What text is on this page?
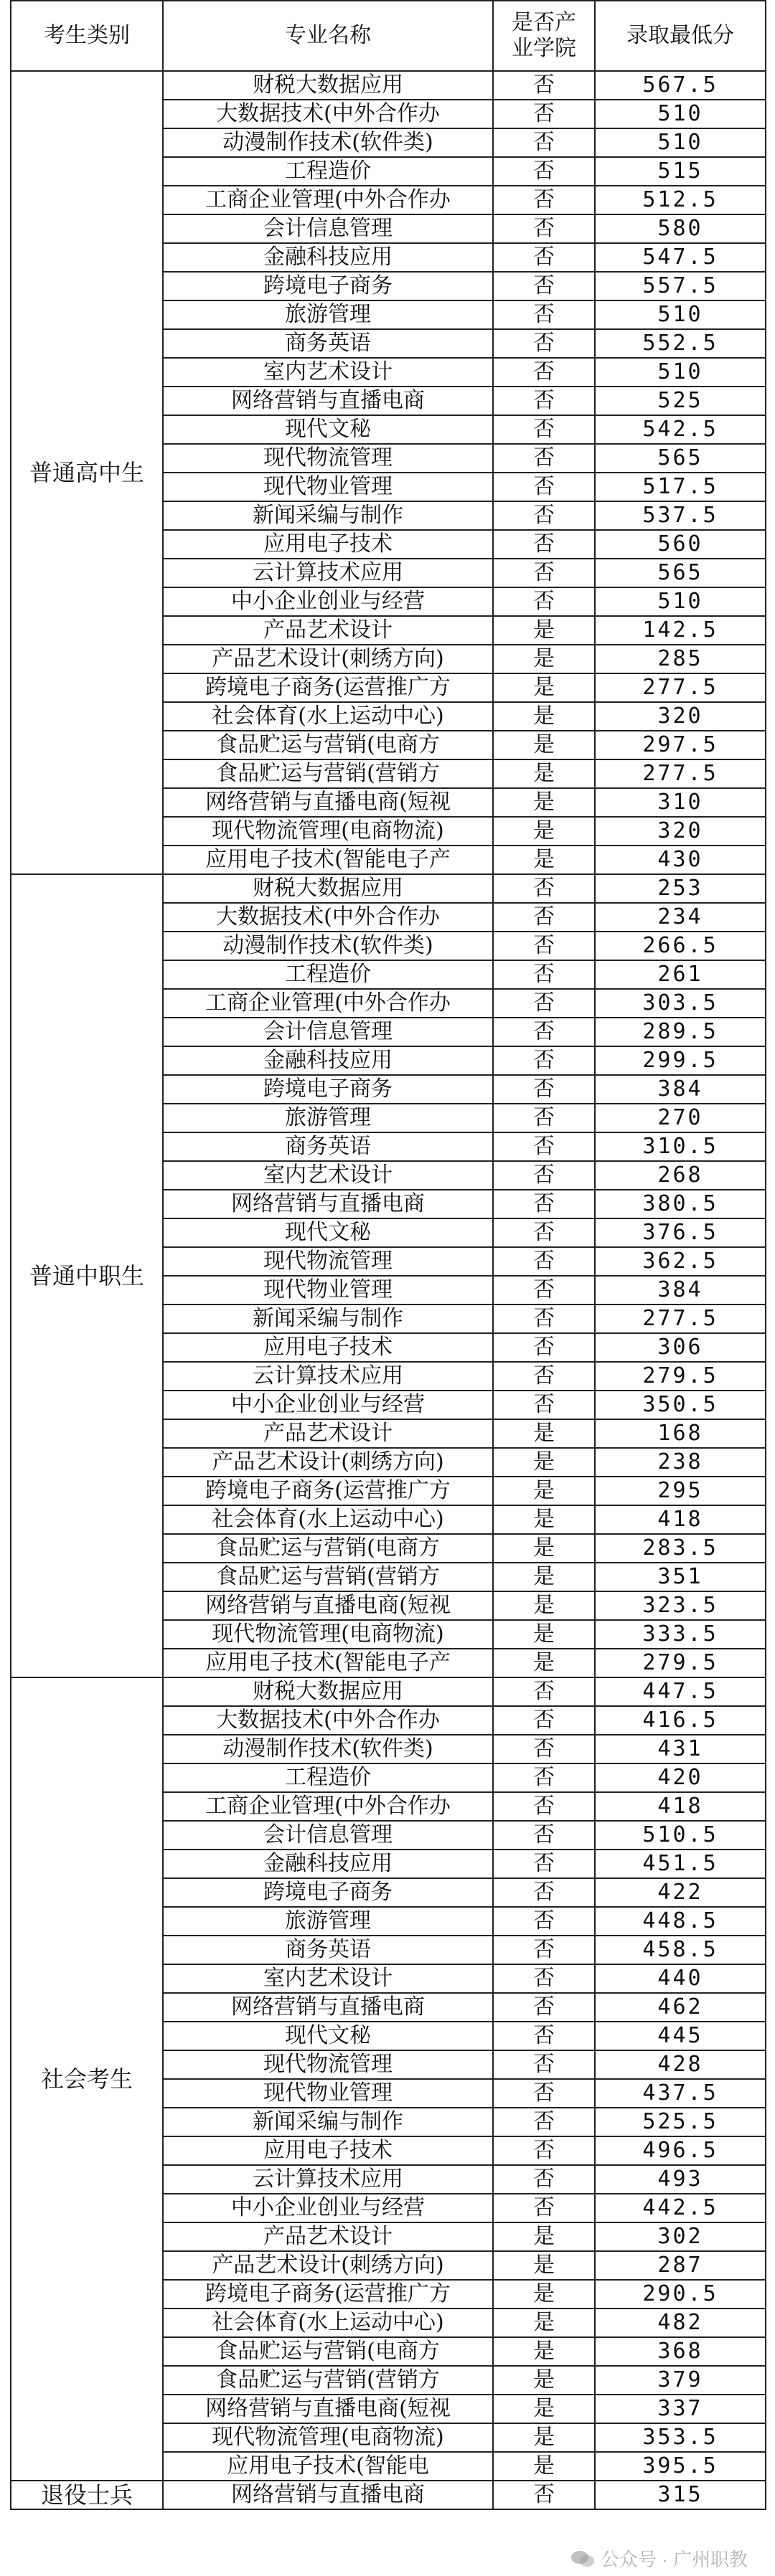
考生类别	专业名称	是否产业学院	录取最低分
普通高中生	财税大数据应用	否	567.5
	大数据技术(中外合作办	否	510
	动漫制作技术(软件类)	否	510
	工程造价	否	515
	工商企业管理(中外合作办	否	512.5
	会计信息管理	否	580
	金融科技应用	否	547.5
	跨境电子商务	否	557.5
	旅游管理	否	510
	商务英语	否	552.5
	室内艺术设计	否	510
	网络营销与直播电商	否	525
	现代文秘	否	542.5
	现代物流管理	否	565
	现代物业管理	否	517.5
	新闻采编与制作	否	537.5
	应用电子技术	否	560
	云计算技术应用	否	565
	中小企业创业与经营	否	510
	产品艺术设计	是	142.5
	产品艺术设计(刺绣方向)	是	285
	跨境电子商务(运营推广方	是	277.5
	社会体育(水上运动中心)	是	320
	食品贮运与营销(电商方	是	297.5
	食品贮运与营销(营销方	是	277.5
	网络营销与直播电商(短视	是	310
	现代物流管理(电商物流)	是	320
	应用电子技术(智能电子产	是	430
普通中职生	财税大数据应用	否	253
	大数据技术(中外合作办	否	234
	动漫制作技术(软件类)	否	266.5
	工程造价	否	261
	工商企业管理(中外合作办	否	303.5
	会计信息管理	否	289.5
	金融科技应用	否	299.5
	跨境电子商务	否	384
	旅游管理	否	270
	商务英语	否	310.5
	室内艺术设计	否	268
	网络营销与直播电商	否	380.5
	现代文秘	否	376.5
	现代物流管理	否	362.5
	现代物业管理	否	384
	新闻采编与制作	否	277.5
	应用电子技术	否	306
	云计算技术应用	否	279.5
	中小企业创业与经营	否	350.5
	产品艺术设计	是	168
	产品艺术设计(刺绣方向)	是	238
	跨境电子商务(运营推广方	是	295
	社会体育(水上运动中心)	是	418
	食品贮运与营销(电商方	是	283.5
	食品贮运与营销(营销方	是	351
	网络营销与直播电商(短视	是	323.5
	现代物流管理(电商物流)	是	333.5
	应用电子技术(智能电子产	是	279.5
社会考生	财税大数据应用	否	447.5
	大数据技术(中外合作办	否	416.5
	动漫制作技术(软件类)	否	431
	工程造价	否	420
	工商企业管理(中外合作办	否	418
	会计信息管理	否	510.5
	金融科技应用	否	451.5
	跨境电子商务	否	422
	旅游管理	否	448.5
	商务英语	否	458.5
	室内艺术设计	否	440
	网络营销与直播电商	否	462
	现代文秘	否	445
	现代物流管理	否	428
	现代物业管理	否	437.5
	新闻采编与制作	否	525.5
	应用电子技术	否	496.5
	云计算技术应用	否	493
	中小企业创业与经营	否	442.5
	产品艺术设计	是	302
	产品艺术设计(刺绣方向)	是	287
	跨境电子商务(运营推广方	是	290.5
	社会体育(水上运动中心)	是	482
	食品贮运与营销(电商方	是	368
	食品贮运与营销(营销方	是	379
	网络营销与直播电商(短视	是	337
	现代物流管理(电商物流)	是	353.5
	应用电子技术(智能电	是	395.5
退役士兵	网络营销与直播电商	否	315
公众号 · 广州职教
